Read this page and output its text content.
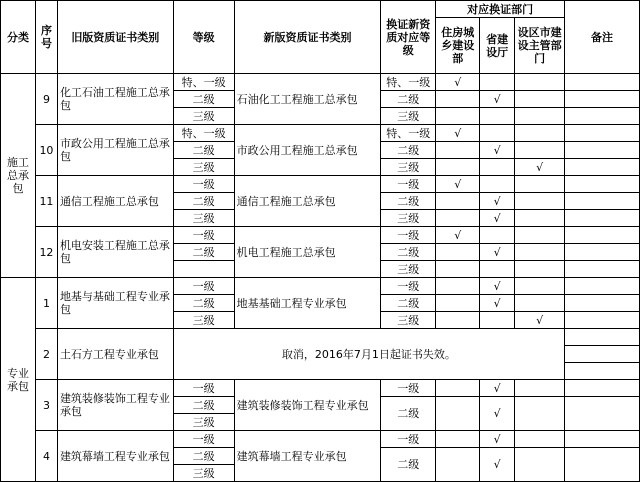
分类	序号	旧版资质证书类别	等级	新版资质证书类别	换证新资质对应等级	对应换证部门			备注
						住房城乡建设部	省建设厅	设区市建设主管部门	
施工总承包	9	化工石油工程施工总承包	特、一级	石油化工工程施工总承包	特、一级	√			
			二级		二级		√		
			三级		三级				
	10	市政公用工程施工总承包	特、一级	市政公用工程施工总承包	特、一级	√			
			二级		二级		√		
			三级		三级			√	
	11	通信工程施工总承包	一级	通信工程施工总承包	一级	√			
			二级		二级		√		
			三级		三级		√		
	12	机电安装工程施工总承包	一级	机电工程施工总承包	一级	√			
			二级		二级		√		
					三级				
专业承包	1	地基与基础工程专业承包	一级	地基基础工程专业承包	一级		√		
			二级		二级		√		
			三级		三级			√	
	2	土石方工程专业承包	取消，2016年7月1日起证书失效。						

	3	建筑装修装饰工程专业承包	一级	建筑装修装饰工程专业承包	一级		√		
			二级		二级		√		
			三级						
	4	建筑幕墙工程专业承包	一级	建筑幕墙工程专业承包	一级		√		
			二级		二级		√		
			三级						
